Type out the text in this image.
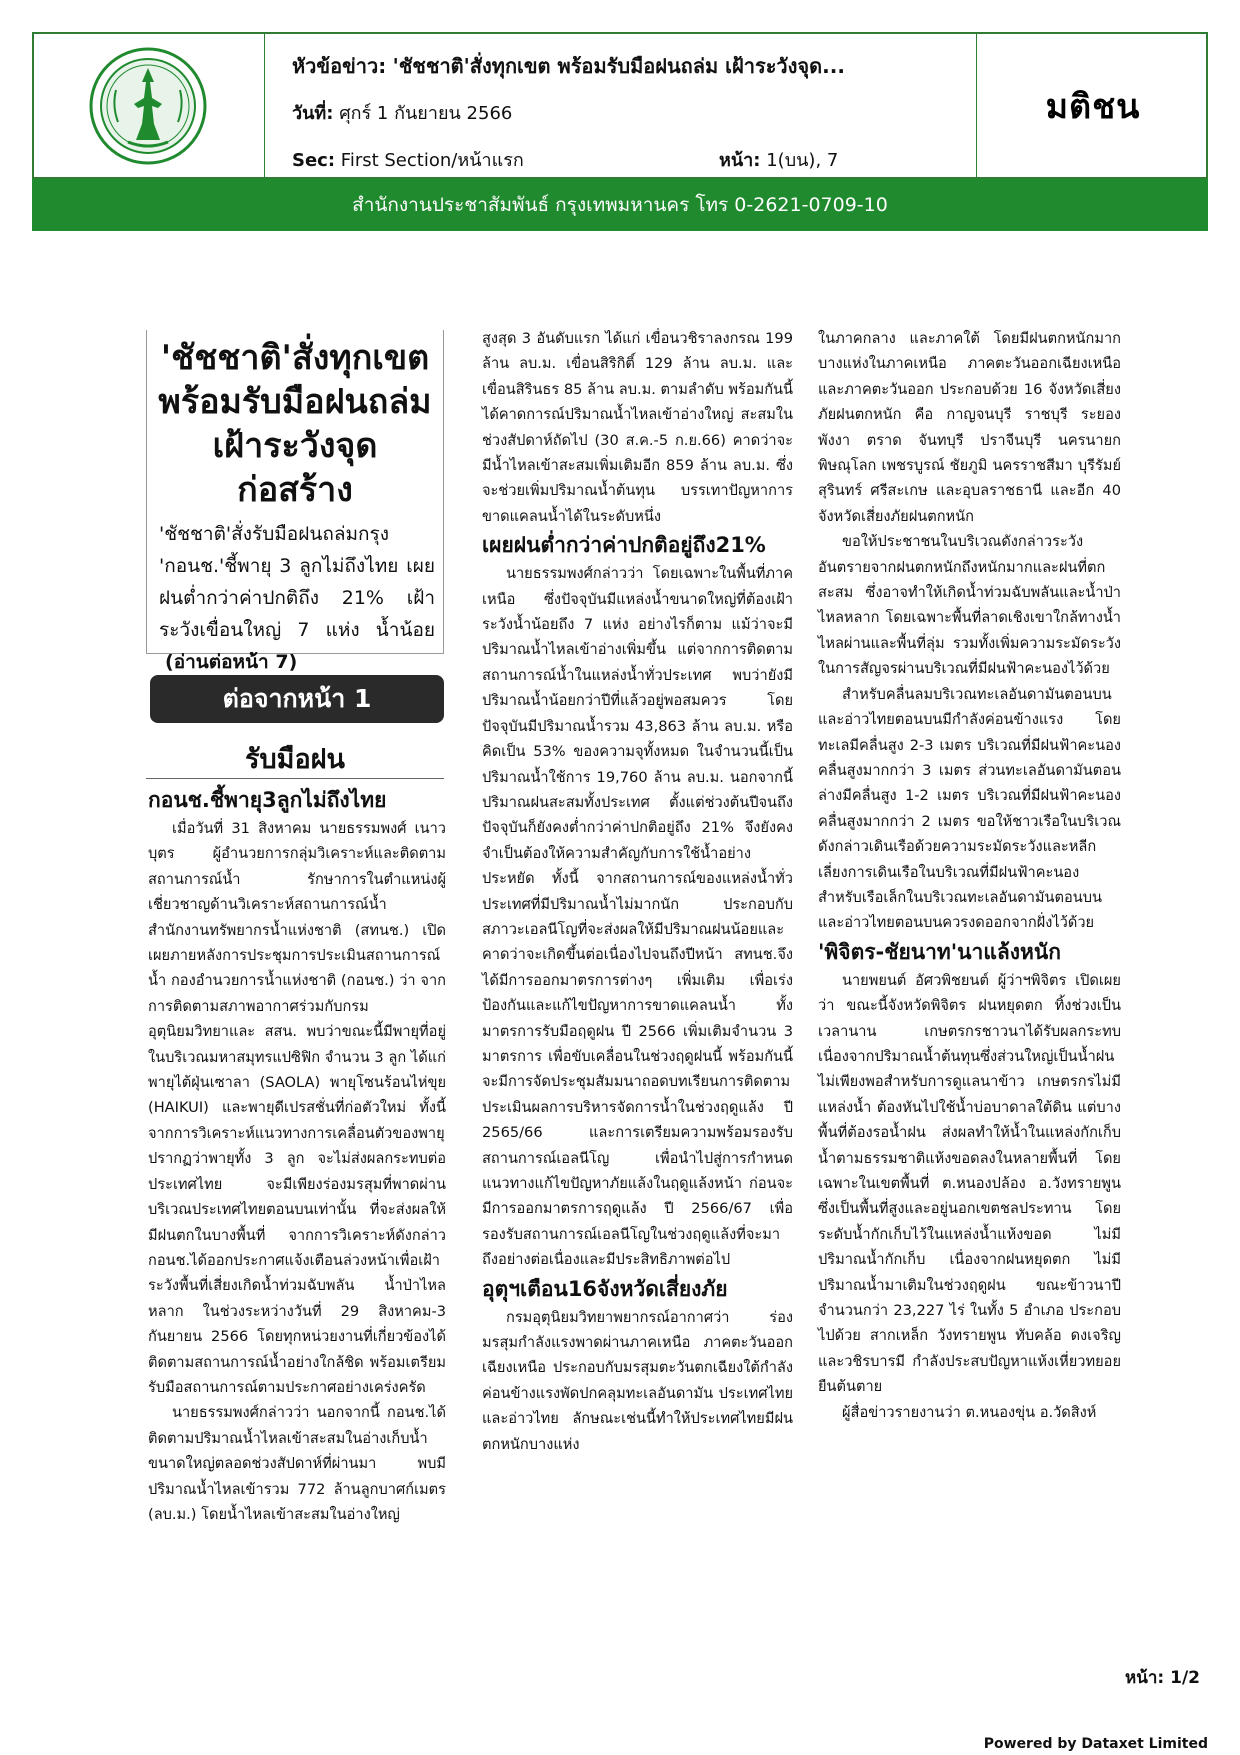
หัวข้อข่าว: 'ชัชชาติ'สั่งทุกเขต พร้อมรับมือฝนถล่ม เฝ้าระวังจุด...
วันที่: ศุกร์ 1 กันยายน 2566
Sec: First Section/หน้าแรก	หน้า: 1(บน), 7
มติชน
สำนักงานประชาสัมพันธ์ กรุงเทพมหานคร โทร 0-2621-0709-10

'ชัชชาติ'สั่งทุกเขต พร้อมรับมือฝนถล่ม เฝ้าระวังจุดก่อสร้าง

'ชัชชาติ'สั่งรับมือฝนถล่มกรุง 'กอนช.'ชี้พายุ 3 ลูกไม่ถึงไทย เผยฝนต่ำกว่าค่าปกติถึง 21% เฝ้าระวังเขื่อนใหญ่ 7 แห่ง น้ำน้อย  (อ่านต่อหน้า 7)

ต่อจากหน้า 1
รับมือฝน

กอนช.ชี้พายุ3ลูกไม่ถึงไทย

เมื่อวันที่ 31 สิงหาคม นายธรรมพงศ์ เนาวบุตร ผู้อำนวยการกลุ่มวิเคราะห์และติดตามสถานการณ์น้ำ รักษาการในตำแหน่งผู้เชี่ยวชาญด้านวิเคราะห์สถานการณ์น้ำ สำนักงานทรัพยากรน้ำแห่งชาติ (สทนช.) เปิดเผยภายหลังการประชุมการประเมินสถานการณ์น้ำ กองอำนวยการน้ำแห่งชาติ (กอนช.) ว่า จากการติดตามสภาพอากาศร่วมกับกรมอุตุนิยมวิทยาและ สสน. พบว่าขณะนี้มีพายุที่อยู่ในบริเวณมหาสมุทรแปซิฟิก จำนวน 3 ลูก ได้แก่ พายุไต้ฝุ่นเซาลา (SAOLA) พายุโซนร้อนไห่ขุย (HAIKUI) และพายุดีเปรสชั่นที่ก่อตัวใหม่ ทั้งนี้ จากการวิเคราะห์แนวทางการเคลื่อนตัวของพายุ ปรากฏว่าพายุทั้ง 3 ลูก จะไม่ส่งผลกระทบต่อประเทศไทย จะมีเพียงร่องมรสุมที่พาดผ่านบริเวณประเทศไทยตอนบนเท่านั้น ที่จะส่งผลให้มีฝนตกในบางพื้นที่ จากการวิเคราะห์ดังกล่าว กอนช.ได้ออกประกาศแจ้งเตือนล่วงหน้าเพื่อเฝ้าระวังพื้นที่เสี่ยงเกิดน้ำท่วมฉับพลัน น้ำป่าไหลหลาก ในช่วงระหว่างวันที่ 29 สิงหาคม-3 กันยายน 2566 โดยทุกหน่วยงานที่เกี่ยวข้องได้ติดตามสถานการณ์น้ำอย่างใกล้ชิด พร้อมเตรียมรับมือสถานการณ์ตามประกาศอย่างเคร่งครัด

นายธรรมพงศ์กล่าวว่า นอกจากนี้ กอนช.ได้ติดตามปริมาณน้ำไหลเข้าสะสมในอ่างเก็บน้ำขนาดใหญ่ตลอดช่วงสัปดาห์ที่ผ่านมา พบมีปริมาณน้ำไหลเข้ารวม 772 ล้านลูกบาศก์เมตร (ลบ.ม.) โดยน้ำไหลเข้าสะสมในอ่างใหญ่

สูงสุด 3 อันดับแรก ได้แก่ เขื่อนวชิราลงกรณ 199 ล้าน ลบ.ม. เขื่อนสิริกิติ์ 129 ล้าน ลบ.ม. และเขื่อนสิรินธร 85 ล้าน ลบ.ม. ตามลำดับ พร้อมกันนี้ได้คาดการณ์ปริมาณน้ำไหลเข้าอ่างใหญ่ สะสมในช่วงสัปดาห์ถัดไป (30 ส.ค.-5 ก.ย.66) คาดว่าจะมีน้ำไหลเข้าสะสมเพิ่มเติมอีก 859 ล้าน ลบ.ม. ซึ่งจะช่วยเพิ่มปริมาณน้ำต้นทุน บรรเทาปัญหาการขาดแคลนน้ำได้ในระดับหนึ่ง

เผยฝนต่ำกว่าค่าปกติอยู่ถึง21%

นายธรรมพงศ์กล่าวว่า โดยเฉพาะในพื้นที่ภาคเหนือ ซึ่งปัจจุบันมีแหล่งน้ำขนาดใหญ่ที่ต้องเฝ้าระวังน้ำน้อยถึง 7 แห่ง อย่างไรก็ตาม แม้ว่าจะมีปริมาณน้ำไหลเข้าอ่างเพิ่มขึ้น แต่จากการติดตามสถานการณ์น้ำในแหล่งน้ำทั่วประเทศ พบว่ายังมีปริมาณน้ำน้อยกว่าปีที่แล้วอยู่พอสมควร โดยปัจจุบันมีปริมาณน้ำรวม 43,863 ล้าน ลบ.ม. หรือคิดเป็น 53% ของความจุทั้งหมด ในจำนวนนี้เป็นปริมาณน้ำใช้การ 19,760 ล้าน ลบ.ม. นอกจากนี้ ปริมาณฝนสะสมทั้งประเทศ ตั้งแต่ช่วงต้นปีจนถึงปัจจุบันก็ยังคงต่ำกว่าค่าปกติอยู่ถึง 21% จึงยังคงจำเป็นต้องให้ความสำคัญกับการใช้น้ำอย่างประหยัด ทั้งนี้ จากสถานการณ์ของแหล่งน้ำทั่วประเทศที่มีปริมาณน้ำไม่มากนัก ประกอบกับสภาวะเอลนีโญที่จะส่งผลให้มีปริมาณฝนน้อยและคาดว่าจะเกิดขึ้นต่อเนื่องไปจนถึงปีหน้า สทนช.จึงได้มีการออกมาตรการต่างๆ เพิ่มเติม เพื่อเร่งป้องกันและแก้ไขปัญหาการขาดแคลนน้ำ ทั้งมาตรการรับมือฤดูฝน ปี 2566 เพิ่มเติมจำนวน 3 มาตรการ เพื่อขับเคลื่อนในช่วงฤดูฝนนี้ พร้อมกันนี้จะมีการจัดประชุมสัมมนาถอดบทเรียนการติดตามประเมินผลการบริหารจัดการน้ำในช่วงฤดูแล้ง ปี 2565/66 และการเตรียมความพร้อมรองรับสถานการณ์เอลนีโญ เพื่อนำไปสู่การกำหนดแนวทางแก้ไขปัญหาภัยแล้งในฤดูแล้งหน้า ก่อนจะมีการออกมาตรการฤดูแล้ง ปี 2566/67 เพื่อรองรับสถานการณ์เอลนีโญในช่วงฤดูแล้งที่จะมาถึงอย่างต่อเนื่องและมีประสิทธิภาพต่อไป

อุตุฯเตือน16จังหวัดเสี่ยงภัย

กรมอุตุนิยมวิทยาพยากรณ์อากาศว่า ร่องมรสุมกำลังแรงพาดผ่านภาคเหนือ ภาคตะวันออกเฉียงเหนือ ประกอบกับมรสุมตะวันตกเฉียงใต้กำลังค่อนข้างแรงพัดปกคลุมทะเลอันดามัน ประเทศไทย และอ่าวไทย ลักษณะเช่นนี้ทำให้ประเทศไทยมีฝนตกหนักบางแห่ง

ในภาคกลาง และภาคใต้ โดยมีฝนตกหนักมากบางแห่งในภาคเหนือ ภาคตะวันออกเฉียงเหนือ และภาคตะวันออก ประกอบด้วย 16 จังหวัดเสี่ยงภัยฝนตกหนัก คือ กาญจนบุรี ราชบุรี ระยอง พังงา ตราด จันทบุรี ปราจีนบุรี นครนายก พิษณุโลก เพชรบูรณ์ ชัยภูมิ นครราชสีมา บุรีรัมย์ สุรินทร์ ศรีสะเกษ และอุบลราชธานี และอีก 40 จังหวัดเสี่ยงภัยฝนตกหนัก

ขอให้ประชาชนในบริเวณดังกล่าวระวังอันตรายจากฝนตกหนักถึงหนักมากและฝนที่ตกสะสม ซึ่งอาจทำให้เกิดน้ำท่วมฉับพลันและน้ำป่าไหลหลาก โดยเฉพาะพื้นที่ลาดเชิงเขาใกล้ทางน้ำไหลผ่านและพื้นที่ลุ่ม รวมทั้งเพิ่มความระมัดระวังในการสัญจรผ่านบริเวณที่มีฝนฟ้าคะนองไว้ด้วย

สำหรับคลื่นลมบริเวณทะเลอันดามันตอนบนและอ่าวไทยตอนบนมีกำลังค่อนข้างแรง โดยทะเลมีคลื่นสูง 2-3 เมตร บริเวณที่มีฝนฟ้าคะนองคลื่นสูงมากกว่า 3 เมตร ส่วนทะเลอันดามันตอนล่างมีคลื่นสูง 1-2 เมตร บริเวณที่มีฝนฟ้าคะนองคลื่นสูงมากกว่า 2 เมตร ขอให้ชาวเรือในบริเวณดังกล่าวเดินเรือด้วยความระมัดระวังและหลีกเลี่ยงการเดินเรือในบริเวณที่มีฝนฟ้าคะนอง สำหรับเรือเล็กในบริเวณทะเลอันดามันตอนบนและอ่าวไทยตอนบนควรงดออกจากฝั่งไว้ด้วย

'พิจิตร-ชัยนาท'นาแล้งหนัก

นายพยนต์ อัศวพิชยนต์ ผู้ว่าฯพิจิตร เปิดเผยว่า ขณะนี้จังหวัดพิจิตร ฝนหยุดตก ทิ้งช่วงเป็นเวลานาน เกษตรกรชาวนาได้รับผลกระทบ เนื่องจากปริมาณน้ำต้นทุนซึ่งส่วนใหญ่เป็นน้ำฝน ไม่เพียงพอสำหรับการดูแลนาข้าว เกษตรกรไม่มีแหล่งน้ำ ต้องหันไปใช้น้ำบ่อบาดาลใต้ดิน แต่บางพื้นที่ต้องรอน้ำฝน ส่งผลทำให้น้ำในแหล่งกักเก็บน้ำตามธรรมชาติแห้งขอดลงในหลายพื้นที่ โดยเฉพาะในเขตพื้นที่ ต.หนองปล้อง อ.วังทรายพูน ซึ่งเป็นพื้นที่สูงและอยู่นอกเขตชลประทาน โดยระดับน้ำกักเก็บไว้ในแหล่งน้ำแห้งขอด ไม่มีปริมาณน้ำกักเก็บ เนื่องจากฝนหยุดตก ไม่มีปริมาณน้ำมาเติมในช่วงฤดูฝน ขณะข้าวนาปี จำนวนกว่า 23,227 ไร่ ในทั้ง 5 อำเภอ ประกอบไปด้วย สากเหล็ก วังทรายพูน ทับคล้อ ดงเจริญ และวชิรบารมี กำลังประสบปัญหาแห้งเหี่ยวทยอยยืนต้นตาย

ผู้สื่อข่าวรายงานว่า ต.หนองขุ่น อ.วัดสิงห์

หน้า: 1/2
Powered by Dataxet Limited
